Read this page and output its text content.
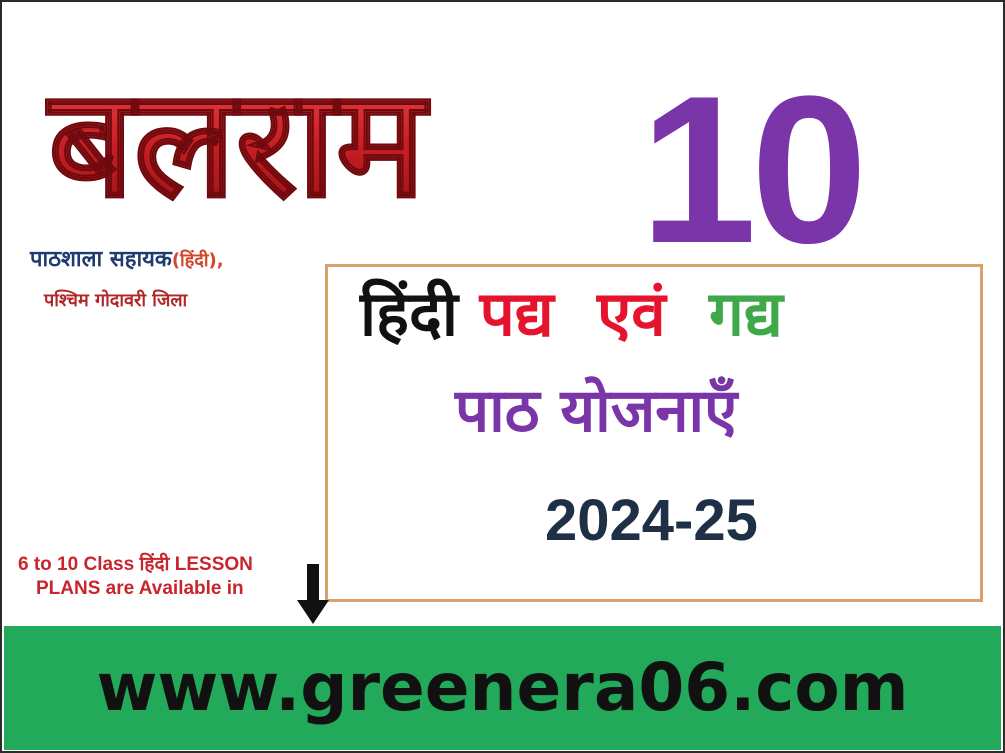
बलराम
पाठशाला सहायक(हिंदी),
पश्चिम गोदावरी जिला
10
हिंदी पद्य एवं गद्य
पाठ योजनाएँ
2024-25
6 to 10 Class हिंदी LESSON
PLANS are Available in
www.greenera06.com
